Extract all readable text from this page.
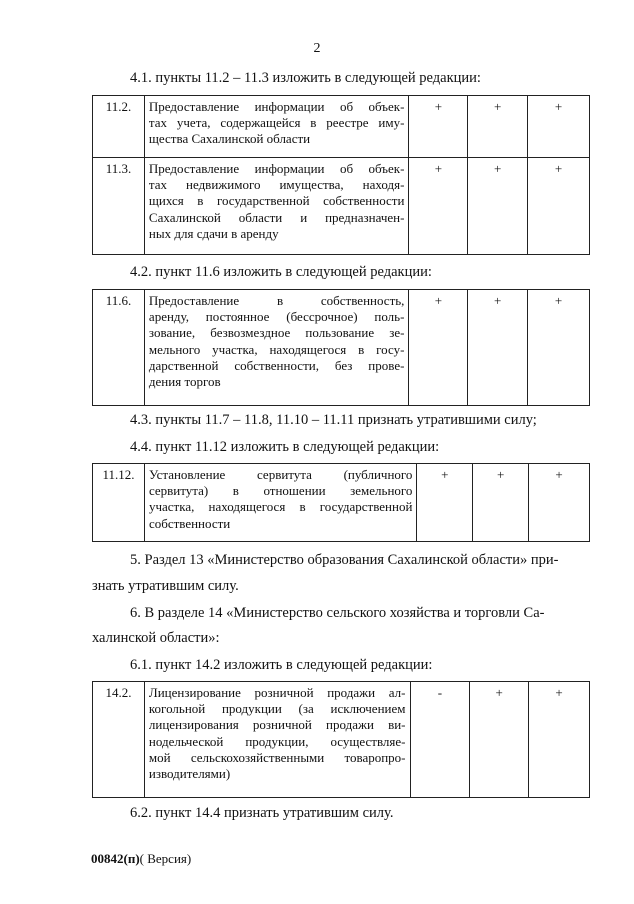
2
4.1. пункты 11.2 – 11.3 изложить в следующей редакции:
11.2.	Предоставление информации об объек-
тах учета, содержащейся в реестре иму-
щества Сахалинской области	+	+	+
11.3.	Предоставление информации об объек-
тах недвижимого имущества, находя-
щихся в государственной собственности
Сахалинской области и предназначен-
ных для сдачи в аренду	+	+	+
4.2. пункт 11.6 изложить в следующей редакции:
11.6.	Предоставление в собственность,
аренду, постоянное (бессрочное) поль-
зование, безвозмездное пользование зе-
мельного участка, находящегося в госу-
дарственной собственности, без прове-
дения торгов
	+	+	+
4.3. пункты 11.7 – 11.8, 11.10 – 11.11 признать утратившими силу;
4.4. пункт 11.12 изложить в следующей редакции:
11.12.	Установление сервитута (публичного
сервитута) в отношении земельного
участка, находящегося в государственной
собственности
	+	+	+
5. Раздел 13 «Министерство образования Сахалинской области» при-
знать утратившим силу.
6. В разделе 14 «Министерство сельского хозяйства и торговли Са-
халинской области»:
6.1. пункт 14.2 изложить в следующей редакции:
14.2.	Лицензирование розничной продажи ал-
когольной продукции (за исключением
лицензирования розничной продажи ви-
нодельческой продукции, осуществляе-
мой сельскохозяйственными товаропро-
изводителями)
	-	+	+
6.2. пункт 14.4 признать утратившим силу.
00842(п)( Версия)
